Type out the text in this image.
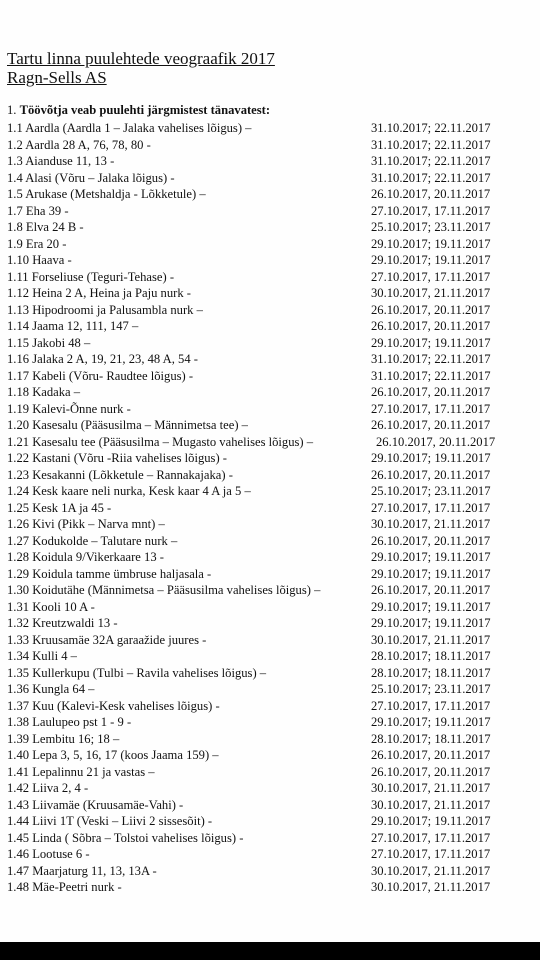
Tartu linna puulehtede veograafik 2017
Ragn-Sells AS
1. Töövõtja veab puulehti järgmistest tänavatest:
1.1 Aardla (Aardla 1 – Jalaka vahelises lõigus) –	31.10.2017; 22.11.2017
1.2 Aardla 28 A, 76, 78, 80 -	31.10.2017; 22.11.2017
1.3 Aianduse 11, 13 -	31.10.2017; 22.11.2017
1.4 Alasi (Võru – Jalaka lõigus) -	31.10.2017; 22.11.2017
1.5 Arukase (Metshaldja - Lõkketule) –	26.10.2017, 20.11.2017
1.7 Eha 39 -	27.10.2017, 17.11.2017
1.8 Elva 24 B -	25.10.2017; 23.11.2017
1.9 Era 20 -	29.10.2017; 19.11.2017
1.10 Haava -	29.10.2017; 19.11.2017
1.11 Forseliuse (Teguri-Tehase) -	27.10.2017, 17.11.2017
1.12 Heina 2 A, Heina ja Paju nurk -	30.10.2017, 21.11.2017
1.13 Hipodroomi ja Palusambla nurk –	26.10.2017, 20.11.2017
1.14 Jaama 12, 111, 147 –	26.10.2017, 20.11.2017
1.15 Jakobi 48 –	29.10.2017; 19.11.2017
1.16 Jalaka 2 A, 19, 21, 23, 48 A, 54 -	31.10.2017; 22.11.2017
1.17 Kabeli (Võru- Raudtee lõigus) -	31.10.2017; 22.11.2017
1.18 Kadaka –	26.10.2017, 20.11.2017
1.19 Kalevi-Õnne nurk -	27.10.2017, 17.11.2017
1.20 Kasesalu (Pääsusilma – Männimetsa tee) –	26.10.2017, 20.11.2017
1.21 Kasesalu tee (Pääsusilma – Mugasto vahelises lõigus) –	26.10.2017, 20.11.2017
1.22 Kastani (Võru -Riia vahelises lõigus) -	29.10.2017; 19.11.2017
1.23 Kesakanni (Lõkketule – Rannakajaka) -	26.10.2017, 20.11.2017
1.24 Kesk kaare neli nurka, Kesk kaar 4 A ja 5 –	25.10.2017; 23.11.2017
1.25 Kesk 1A ja 45 -	27.10.2017, 17.11.2017
1.26 Kivi (Pikk – Narva mnt) –	30.10.2017, 21.11.2017
1.27 Kodukolde – Talutare nurk –	26.10.2017, 20.11.2017
1.28 Koidula 9/Vikerkaare 13 -	29.10.2017; 19.11.2017
1.29 Koidula tamme ümbruse haljasala -	29.10.2017; 19.11.2017
1.30 Koidutähe (Männimetsa – Pääsusilma vahelises lõigus) –	26.10.2017, 20.11.2017
1.31 Kooli 10 A -	29.10.2017; 19.11.2017
1.32 Kreutzwaldi 13 -	29.10.2017; 19.11.2017
1.33 Kruusamäe 32A garaažide juures -	30.10.2017, 21.11.2017
1.34 Kulli 4 –	28.10.2017; 18.11.2017
1.35 Kullerkupu (Tulbi – Ravila vahelises lõigus) –	28.10.2017; 18.11.2017
1.36 Kungla 64 –	25.10.2017; 23.11.2017
1.37 Kuu (Kalevi-Kesk vahelises lõigus) -	27.10.2017, 17.11.2017
1.38 Laulupeo pst 1 - 9 -	29.10.2017; 19.11.2017
1.39 Lembitu 16; 18 –	28.10.2017; 18.11.2017
1.40 Lepa 3, 5, 16, 17 (koos Jaama 159) –	26.10.2017, 20.11.2017
1.41 Lepalinnu 21 ja vastas –	26.10.2017, 20.11.2017
1.42 Liiva 2, 4 -	30.10.2017, 21.11.2017
1.43 Liivamäe (Kruusamäe-Vahi) -	30.10.2017, 21.11.2017
1.44 Liivi 1T (Veski – Liivi 2 sissesõit) -	29.10.2017; 19.11.2017
1.45 Linda ( Sõbra – Tolstoi vahelises lõigus) -	27.10.2017, 17.11.2017
1.46 Lootuse 6 -	27.10.2017, 17.11.2017
1.47 Maarjaturg 11, 13, 13A -	30.10.2017, 21.11.2017
1.48 Mäe-Peetri nurk -	30.10.2017, 21.11.2017
